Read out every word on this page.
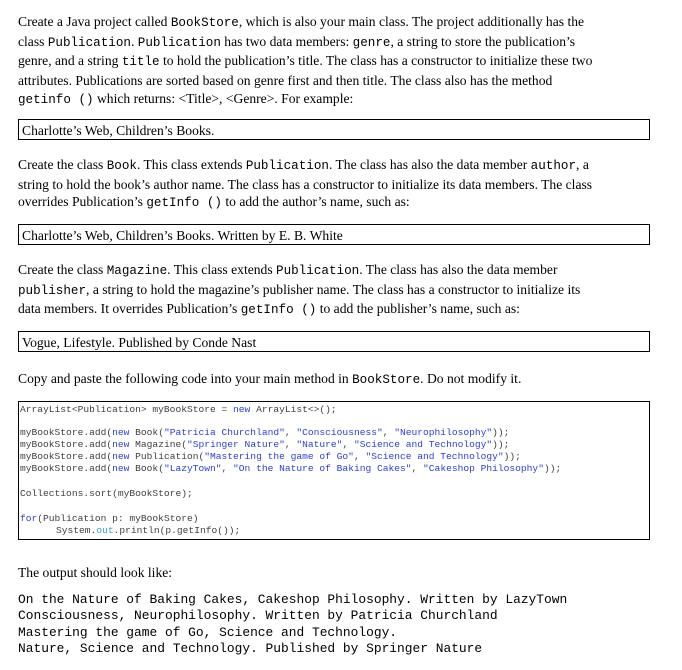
Create a Java project called BookStore, which is also your main class. The project additionally has the
class Publication. Publication has two data members: genre, a string to store the publication’s
genre, and a string title to hold the publication’s title. The class has a constructor to initialize these two
attributes. Publications are sorted based on genre first and then title. The class also has the method
getinfo () which returns: <Title>, <Genre>. For example:
Charlotte’s Web, Children’s Books.
Create the class Book. This class extends Publication. The class has also the data member author, a
string to hold the book’s author name. The class has a constructor to initialize its data members. The class
overrides Publication’s getInfo () to add the author’s name, such as:
Charlotte’s Web, Children’s Books. Written by E. B. White
Create the class Magazine. This class extends Publication. The class has also the data member
publisher, a string to hold the magazine’s publisher name. The class has a constructor to initialize its
data members. It overrides Publication’s getInfo () to add the publisher’s name, such as:
Vogue, Lifestyle. Published by Conde Nast
Copy and paste the following code into your main method in BookStore. Do not modify it.
ArrayList<Publication> myBookStore = new ArrayList<>();
myBookStore.add(new Book("Patricia Churchland", "Consciousness", "Neurophilosophy"));
myBookStore.add(new Magazine("Springer Nature", "Nature", "Science and Technology"));
myBookStore.add(new Publication("Mastering the game of Go", "Science and Technology"));
myBookStore.add(new Book("LazyTown", "On the Nature of Baking Cakes", "Cakeshop Philosophy"));
Collections.sort(myBookStore);
for(Publication p: myBookStore)
System.out.println(p.getInfo());
The output should look like:
On the Nature of Baking Cakes, Cakeshop Philosophy. Written by LazyTown
Consciousness, Neurophilosophy. Written by Patricia Churchland
Mastering the game of Go, Science and Technology.
Nature, Science and Technology. Published by Springer Nature
